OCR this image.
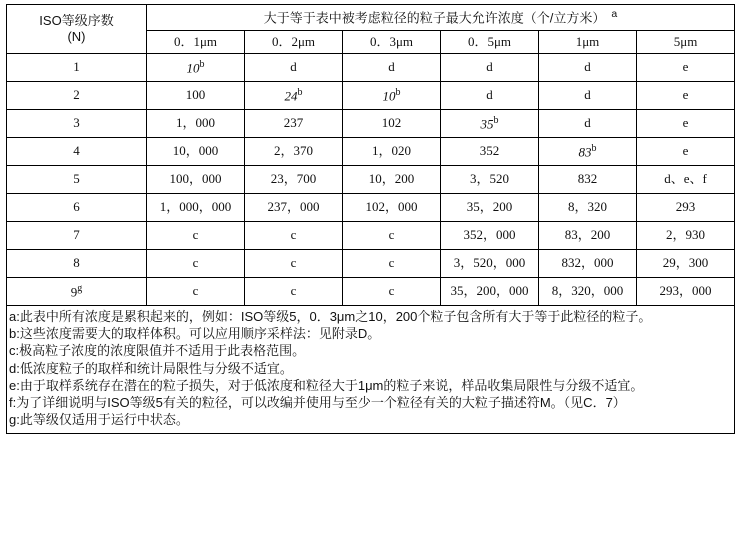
ISO等级序数
(N)	大于等于表中被考虑粒径的粒子最大允许浓度（个/立方米） $^a$
	0．1μm	0．2μm	0．3μm	0．5μm	1μm	5μm
1	10$^b$	d	d	d	d	e
2	100	24$^b$	10$^b$	d	d	e
3	1，000	237	102	35$^b$	d	e
4	10，000	2，370	1，020	352	83$^b$	e
5	100，000	23，700	10，200	3，520	832	d、e、f
6	1，000，000	237，000	102，000	35，200	8，320	293
7	c	c	c	352，000	83，200	2，930
8	c	c	c	3，520，000	832，000	29，300
9$^g$	c	c	c	35，200，000	8，320，000	293，000

a:此表中所有浓度是累积起来的，例如：ISO等级5，0．3μm之10，200个粒子包含所有大于等于此粒径的粒子。

b:这些浓度需要大的取样体积。可以应用顺序采样法：见附录D。

c:极高粒子浓度的浓度限值并不适用于此表格范围。

d:低浓度粒子的取样和统计局限性与分级不适宜。

e:由于取样系统存在潜在的粒子损失，对于低浓度和粒径大于1μm的粒子来说，样品收集局限性与分级不适宜。

f:为了详细说明与ISO等级5有关的粒径，可以改编并使用与至少一个粒径有关的大粒子描述符M。（见C．7）

g:此等级仅适用于运行中状态。
